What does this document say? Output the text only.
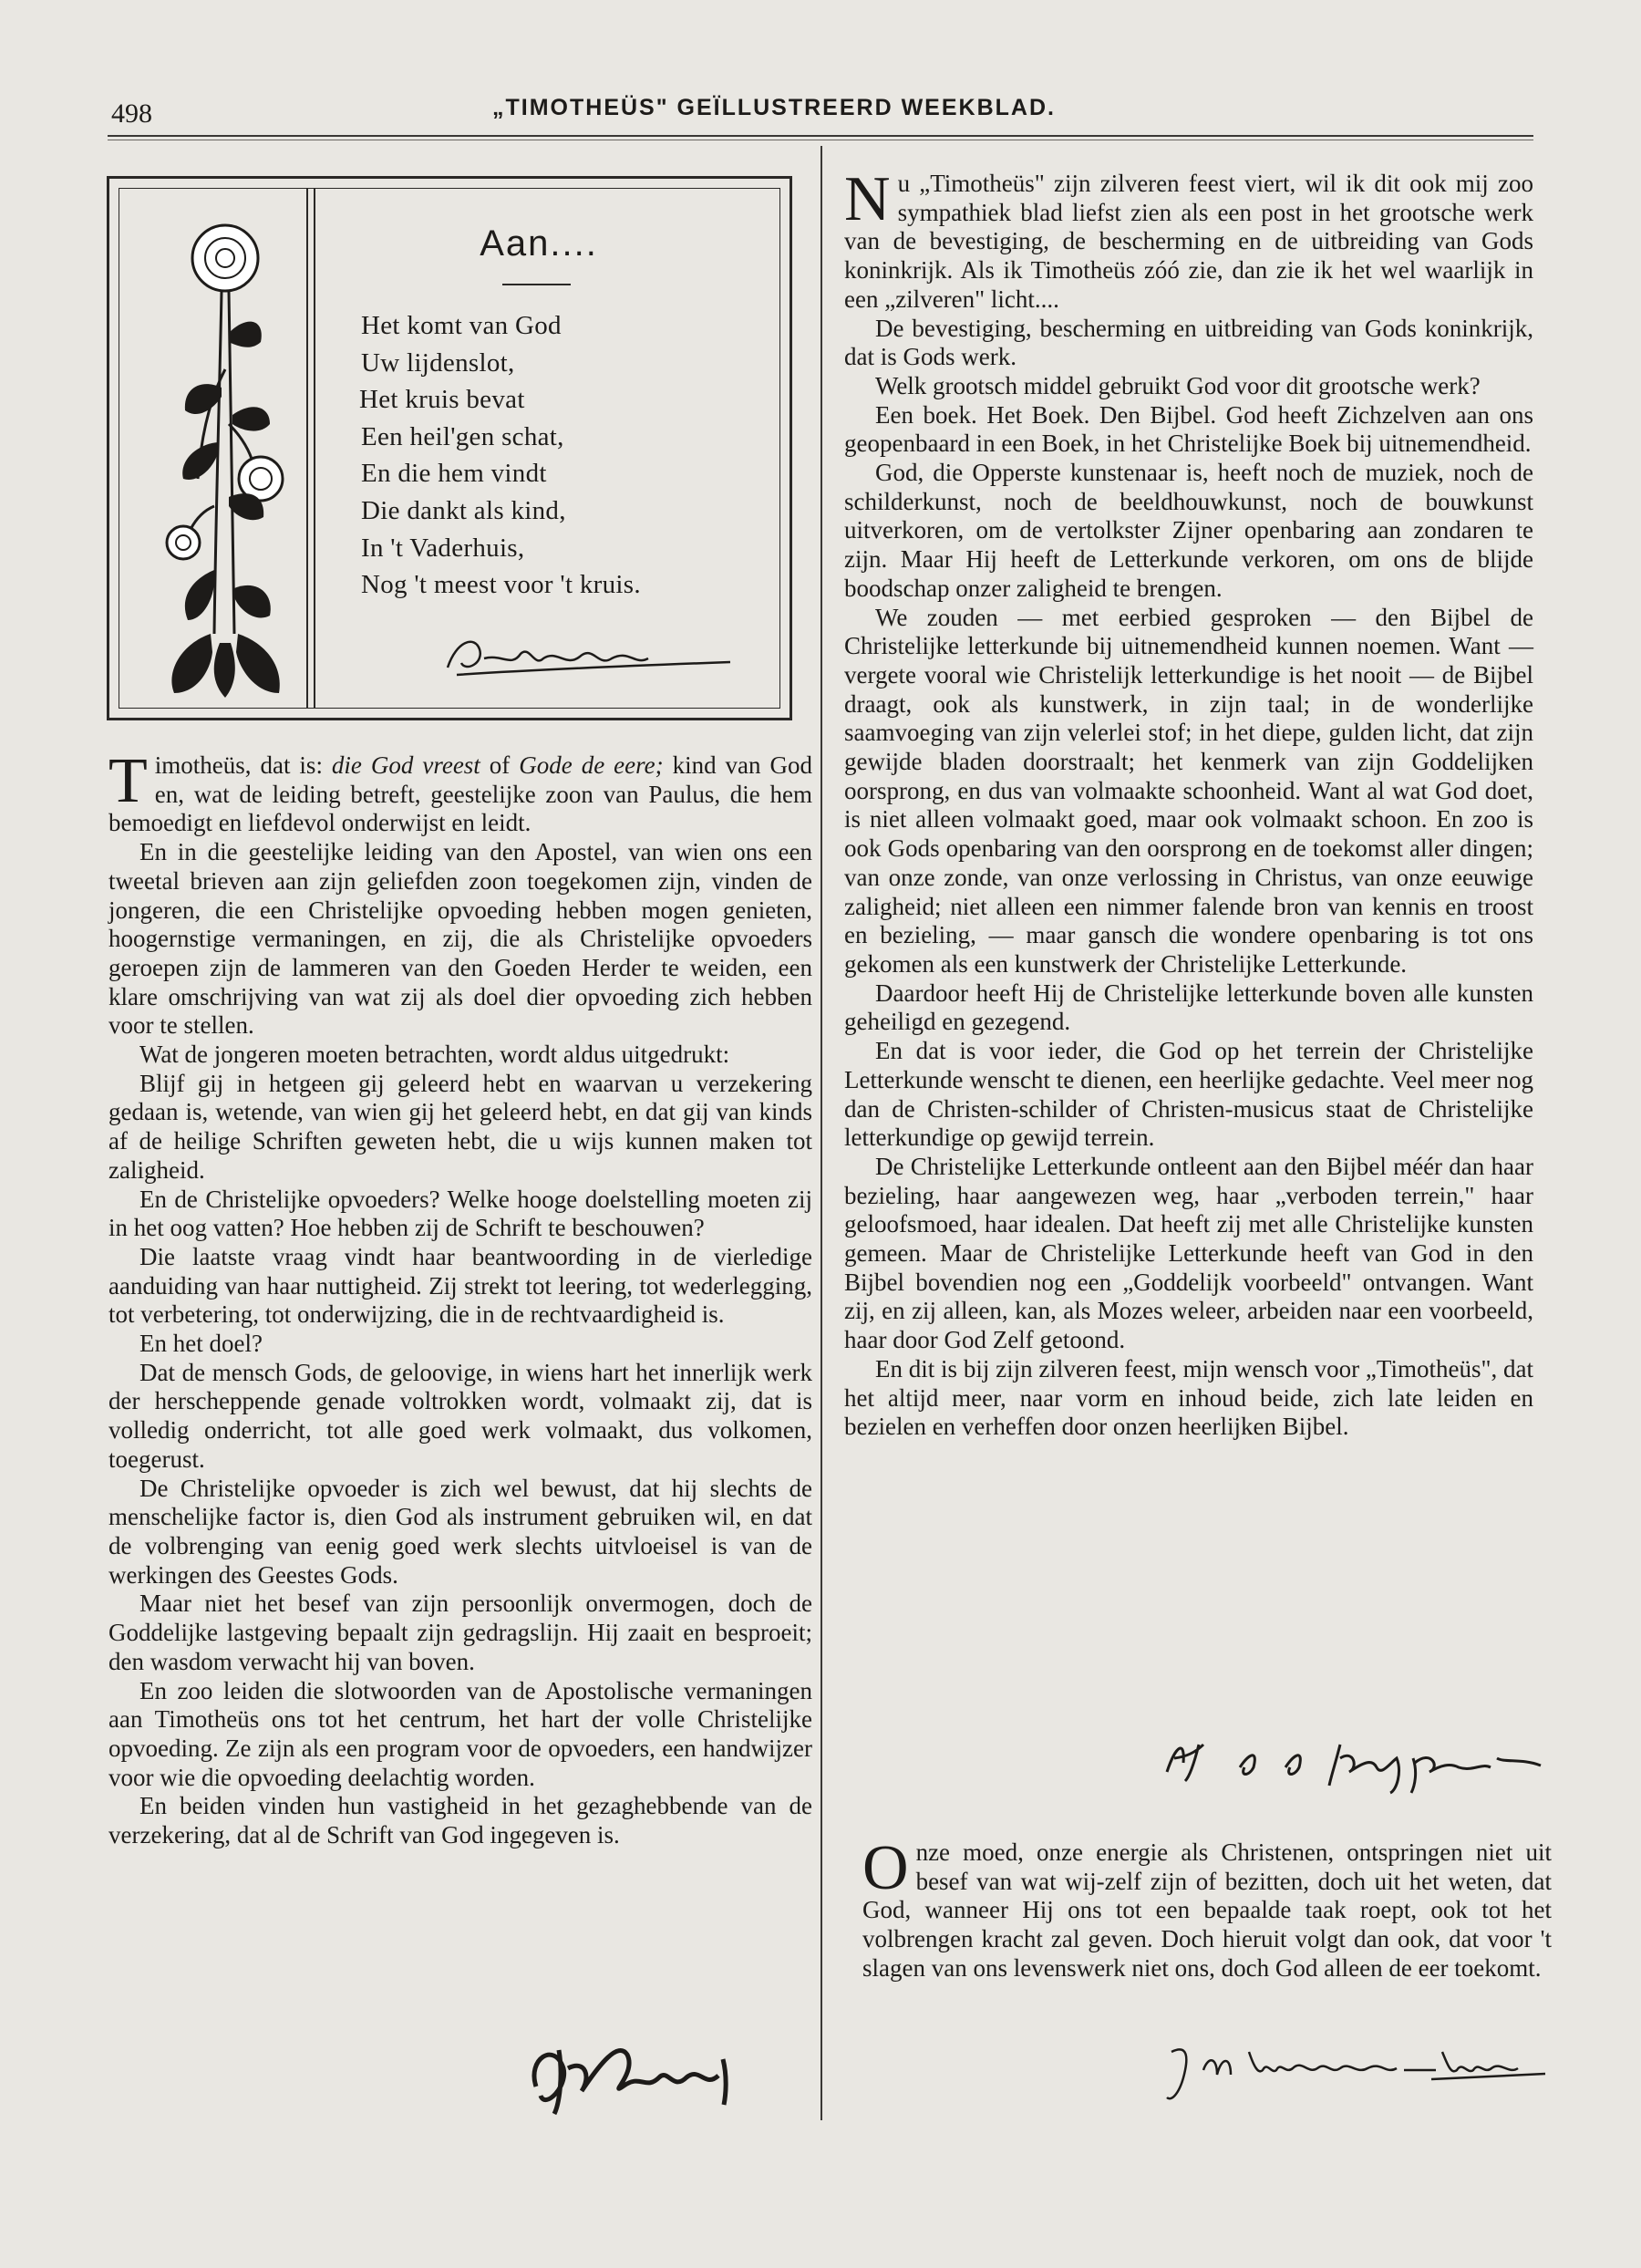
498	„TIMOTHEÜS" GEÏLLUSTREERD WEEKBLAD.
Aan....
Het komt van God
Uw lijdenslot,
Het kruis bevat
Een heil'gen schat,
En die hem vindt
Die dankt als kind,
In 't Vaderhuis,
Nog 't meest voor 't kruis.

Timotheüs, dat is: die God vreest of Gode de eere; kind van God en, wat de leiding betreft, geestelijke zoon van Paulus, die hem bemoedigt en liefdevol onderwijst en leidt.

En in die geestelijke leiding van den Apostel, van wien ons een tweetal brieven aan zijn geliefden zoon toegekomen zijn, vinden de jongeren, die een Christelijke opvoeding hebben mogen genieten, hoogernstige vermaningen, en zij, die als Christelijke opvoeders geroepen zijn de lammeren van den Goeden Herder te weiden, een klare omschrijving van wat zij als doel dier opvoeding zich hebben voor te stellen.

Wat de jongeren moeten betrachten, wordt aldus uitgedrukt:

Blijf gij in hetgeen gij geleerd hebt en waarvan u verzekering gedaan is, wetende, van wien gij het geleerd hebt, en dat gij van kinds af de heilige Schriften geweten hebt, die u wijs kunnen maken tot zaligheid.

En de Christelijke opvoeders? Welke hooge doelstelling moeten zij in het oog vatten? Hoe hebben zij de Schrift te beschouwen?

Die laatste vraag vindt haar beantwoording in de vierledige aanduiding van haar nuttigheid. Zij strekt tot leering, tot wederlegging, tot verbetering, tot onderwijzing, die in de rechtvaardigheid is.

En het doel?

Dat de mensch Gods, de geloovige, in wiens hart het innerlijk werk der herscheppende genade voltrokken wordt, volmaakt zij, dat is volledig onderricht, tot alle goed werk volmaakt, dus volkomen, toegerust.

De Christelijke opvoeder is zich wel bewust, dat hij slechts de menschelijke factor is, dien God als instrument gebruiken wil, en dat de volbrenging van eenig goed werk slechts uitvloeisel is van de werkingen des Geestes Gods.

Maar niet het besef van zijn persoonlijk onvermogen, doch de Goddelijke lastgeving bepaalt zijn gedragslijn. Hij zaait en besproeit; den wasdom verwacht hij van boven.

En zoo leiden die slotwoorden van de Apostolische vermaningen aan Timotheüs ons tot het centrum, het hart der volle Christelijke opvoeding. Ze zijn als een program voor de opvoeders, een handwijzer voor wie die opvoeding deelachtig worden.

En beiden vinden hun vastigheid in het gezaghebbende van de verzekering, dat al de Schrift van God ingegeven is.

Nu „Timotheüs" zijn zilveren feest viert, wil ik dit ook mij zoo sympathiek blad liefst zien als een post in het grootsche werk van de bevestiging, de bescherming en de uitbreiding van Gods koninkrijk. Als ik Timotheüs zóó zie, dan zie ik het wel waarlijk in een „zilveren" licht....

De bevestiging, bescherming en uitbreiding van Gods koninkrijk, dat is Gods werk.

Welk grootsch middel gebruikt God voor dit grootsche werk?

Een boek. Het Boek. Den Bijbel. God heeft Zichzelven aan ons geopenbaard in een Boek, in het Christelijke Boek bij uitnemendheid.

God, die Opperste kunstenaar is, heeft noch de muziek, noch de schilderkunst, noch de beeldhouwkunst, noch de bouwkunst uitverkoren, om de vertolkster Zijner openbaring aan zondaren te zijn. Maar Hij heeft de Letterkunde verkoren, om ons de blijde boodschap onzer zaligheid te brengen.

We zouden — met eerbied gesproken — den Bijbel de Christelijke letterkunde bij uitnemendheid kunnen noemen. Want — vergete vooral wie Christelijk letterkundige is het nooit — de Bijbel draagt, ook als kunstwerk, in zijn taal; in de wonderlijke saamvoeging van zijn velerlei stof; in het diepe, gulden licht, dat zijn gewijde bladen doorstraalt; het kenmerk van zijn Goddelijken oorsprong, en dus van volmaakte schoonheid. Want al wat God doet, is niet alleen volmaakt goed, maar ook volmaakt schoon. En zoo is ook Gods openbaring van den oorsprong en de toekomst aller dingen; van onze zonde, van onze verlossing in Christus, van onze eeuwige zaligheid; niet alleen een nimmer falende bron van kennis en troost en bezieling, — maar gansch die wondere openbaring is tot ons gekomen als een kunstwerk der Christelijke Letterkunde.

Daardoor heeft Hij de Christelijke letterkunde boven alle kunsten geheiligd en gezegend.

En dat is voor ieder, die God op het terrein der Christelijke Letterkunde wenscht te dienen, een heerlijke gedachte. Veel meer nog dan de Christen-schilder of Christen-musicus staat de Christelijke letterkundige op gewijd terrein.

De Christelijke Letterkunde ontleent aan den Bijbel méér dan haar bezieling, haar aangewezen weg, haar „verboden terrein," haar geloofsmoed, haar idealen. Dat heeft zij met alle Christelijke kunsten gemeen. Maar de Christelijke Letterkunde heeft van God in den Bijbel bovendien nog een „Goddelijk voorbeeld" ontvangen. Want zij, en zij alleen, kan, als Mozes weleer, arbeiden naar een voorbeeld, haar door God Zelf getoond.

En dit is bij zijn zilveren feest, mijn wensch voor „Timotheüs", dat het altijd meer, naar vorm en inhoud beide, zich late leiden en bezielen en verheffen door onzen heerlijken Bijbel.

Onze moed, onze energie als Christenen, ontspringen niet uit besef van wat wij-zelf zijn of bezitten, doch uit het weten, dat God, wanneer Hij ons tot een bepaalde taak roept, ook tot het volbrengen kracht zal geven. Doch hieruit volgt dan ook, dat voor 't slagen van ons levenswerk niet ons, doch God alleen de eer toekomt.
